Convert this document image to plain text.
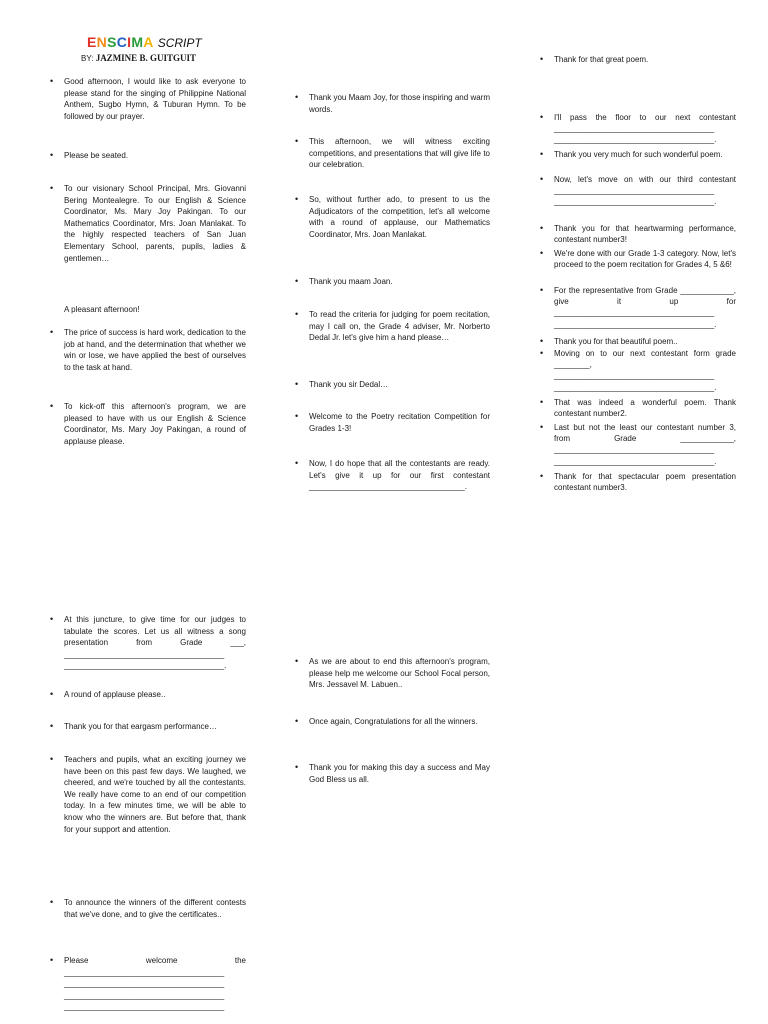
ENSCIMA SCRIPT
BY: JAZMINE B. GUITGUIT
• Good afternoon, I would like to ask everyone to please stand for the singing of Philippine National Anthem, Sugbo Hymn, & Tuburan Hymn. To be followed by our prayer.
• Please be seated.
• To our visionary School Principal, Mrs. Giovanni Bering Montealegre. To our English & Science Coordinator, Ms. Mary Joy Pakingan. To our Mathematics Coordinator, Mrs. Joan Manlakat. To the highly respected teachers of San Juan Elementary School, parents, pupils, ladies & gentlemen…
A pleasant afternoon!
• The price of success is hard work, dedication to the job at hand, and the determination that whether we win or lose, we have applied the best of ourselves to the task at hand.
• To kick-off this afternoon's program, we are pleased to have with us our English & Science Coordinator, Ms. Mary Joy Pakingan, a round of applause please.
• Thank you Maam Joy, for those inspiring and warm words.
• This afternoon, we will witness exciting competitions, and presentations that will give life to our celebration.
• So, without further ado, to present to us the Adjudicators of the competition, let's all welcome with a round of applause, our Mathematics Coordinator, Mrs. Joan Manlakat.
• Thank you maam Joan.
• To read the criteria for judging for poem recitation, may I call on, the Grade 4 adviser, Mr. Norberto Dedal Jr. let's give him a hand please…
• Thank you sir Dedal…
• Welcome to the Poetry recitation Competition for Grades 1-3!
• Now, I do hope that all the contestants are ready. Let's give it up for our first contestant ___________________________________.
• Thank for that great poem.
• I'll pass the floor to our next contestant ____________________________________ ____________________________________.
• Thank you very much for such wonderful poem.
• Now, let's move on with our third contestant ____________________________________ ____________________________________.
• Thank you for that heartwarming performance, contestant number3!
• We're done with our Grade 1-3 category. Now, let's proceed to the poem recitation for Grades 4, 5 &6!
• For the representative from Grade ____________, give it up for ____________________________________ ____________________________________.
• Thank you for that beautiful poem..
• Moving on to our next contestant form grade ________, ____________________________________ ____________________________________.
• That was indeed a wonderful poem. Thank contestant number2.
• Last but not the least our contestant number 3, from Grade ____________, ____________________________________ ____________________________________.
• Thank for that spectacular poem presentation contestant number3.
• At this juncture, to give time for our judges to tabulate the scores. Let us all witness a song presentation from Grade ___, ____________________________________ ____________________________________.
• A round of applause please..
• Thank you for that eargasm performance…
• Teachers and pupils, what an exciting journey we have been on this past few days. We laughed, we cheered, and we're touched by all the contestants. We really have come to an end of our competition today. In a few minutes time, we will be able to know who the winners are. But before that, thank for your support and attention.
• To announce the winners of the different contests that we've done, and to give the certificates..
• Please welcome the ____________________________________ ____________________________________ ____________________________________ ____________________________________
• As we are about to end this afternoon's program, please help me welcome our School Focal person, Mrs. Jessavel M. Labuen..
• Once again, Congratulations for all the winners.
• Thank you for making this day a success and May God Bless us all.
